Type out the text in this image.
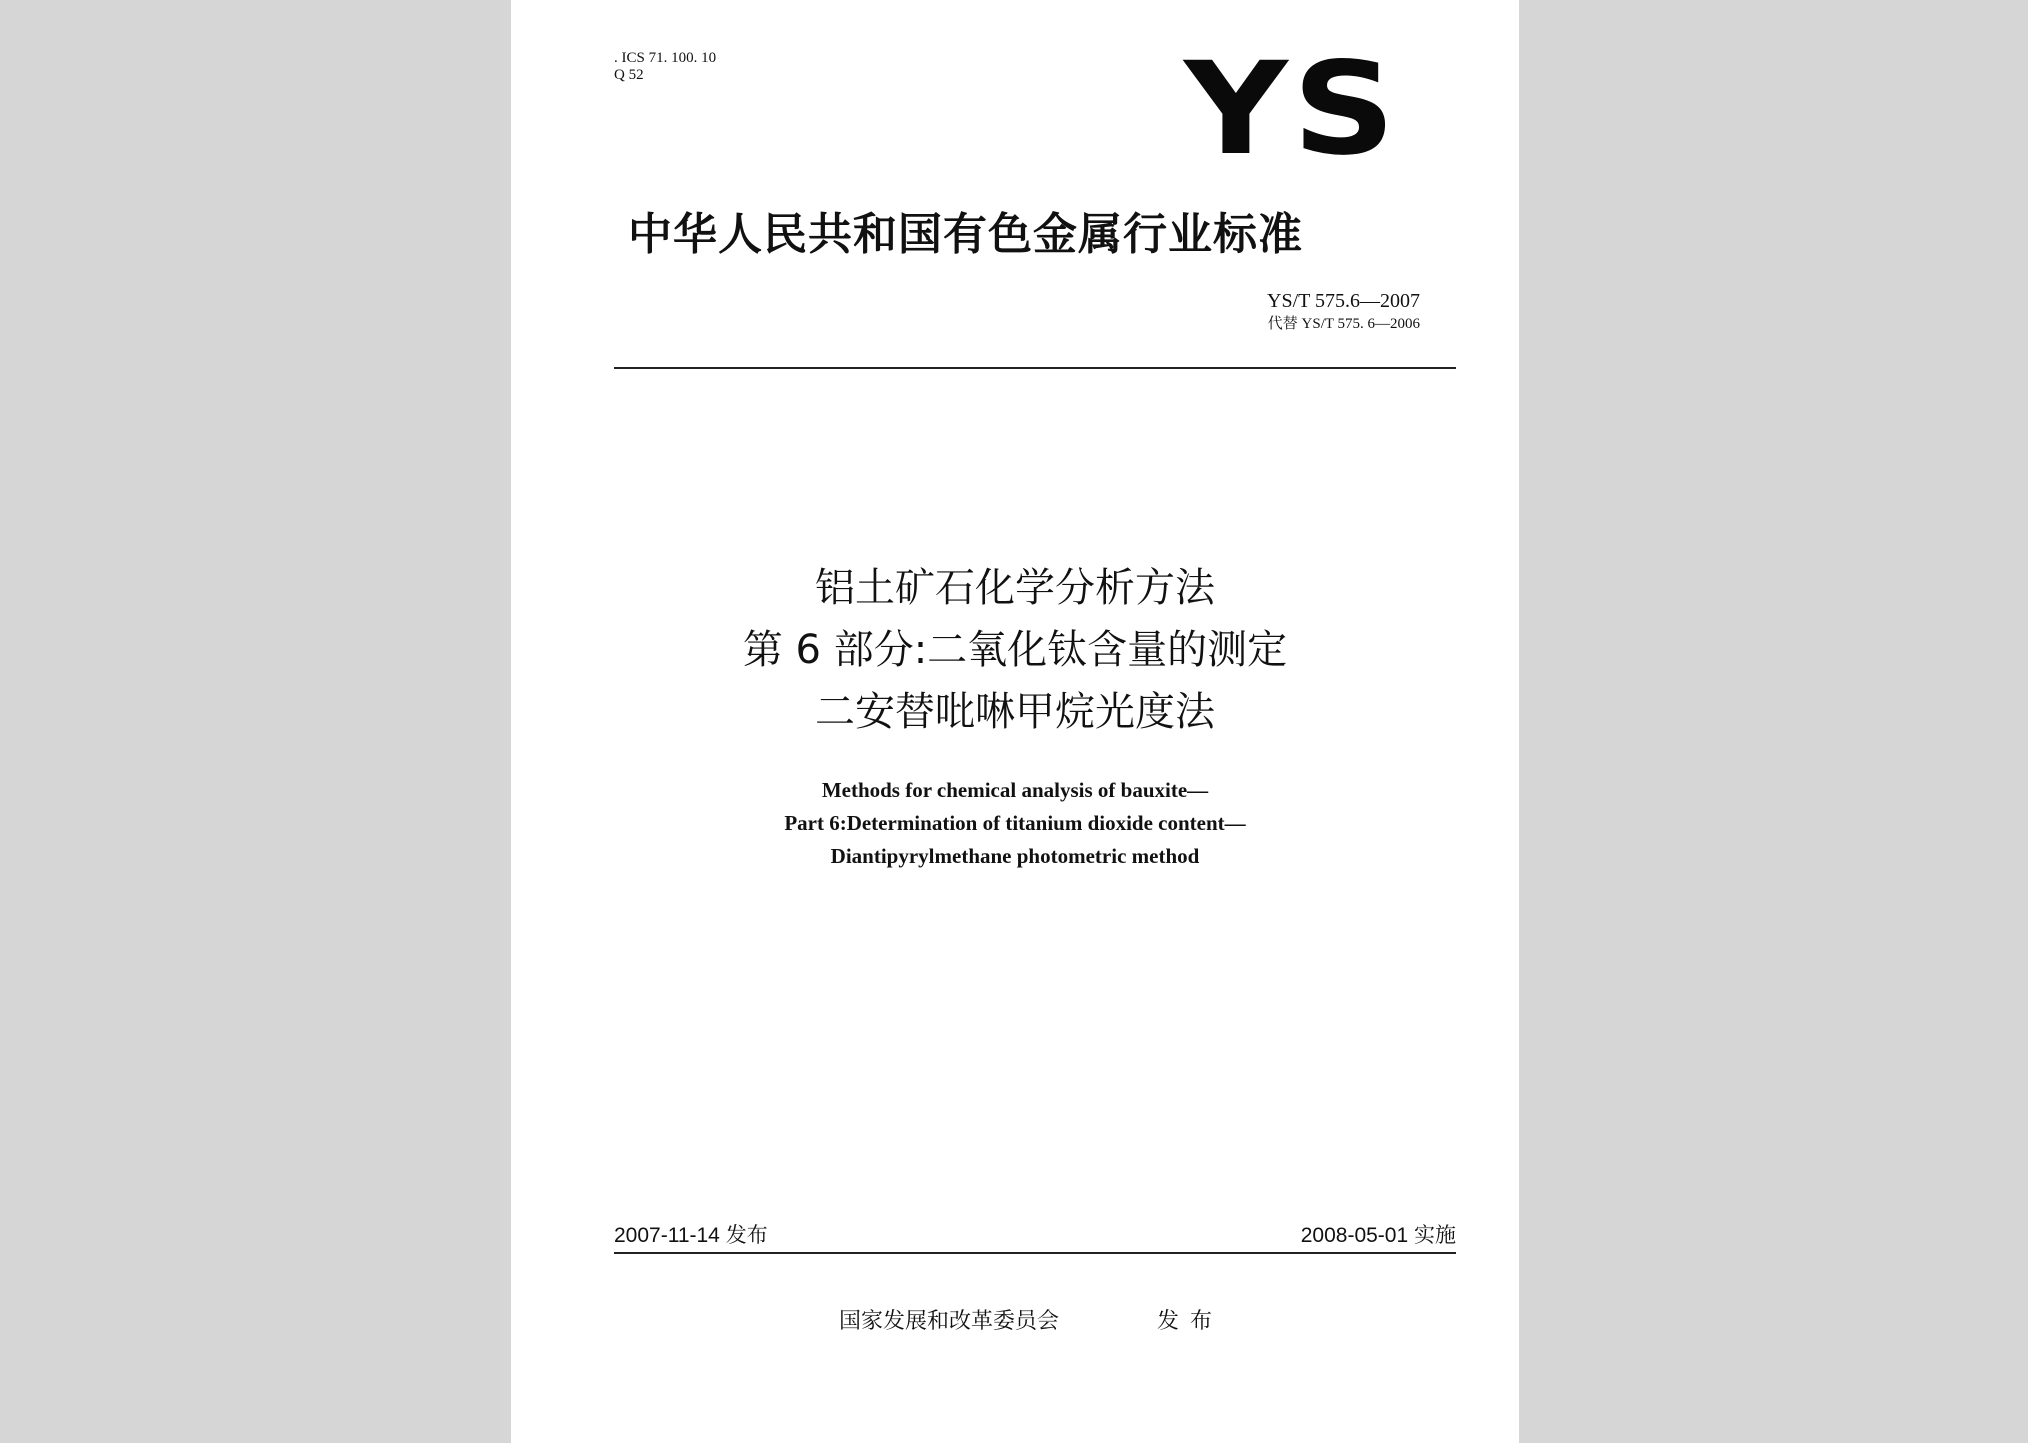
. ICS 71. 100. 10
Q 52	YS
中华人民共和国有色金属行业标准
YS/T 575.6—2007
代替 YS/T 575. 6—2006
铝土矿石化学分析方法
第 6 部分:二氧化钛含量的测定
二安替吡啉甲烷光度法
Methods for chemical analysis of bauxite—
Part 6:Determination of titanium dioxide content—
Diantipyrylmethane photometric method
2007-11-14 发布	2008-05-01 实施
国家发展和改革委员会	发 布
